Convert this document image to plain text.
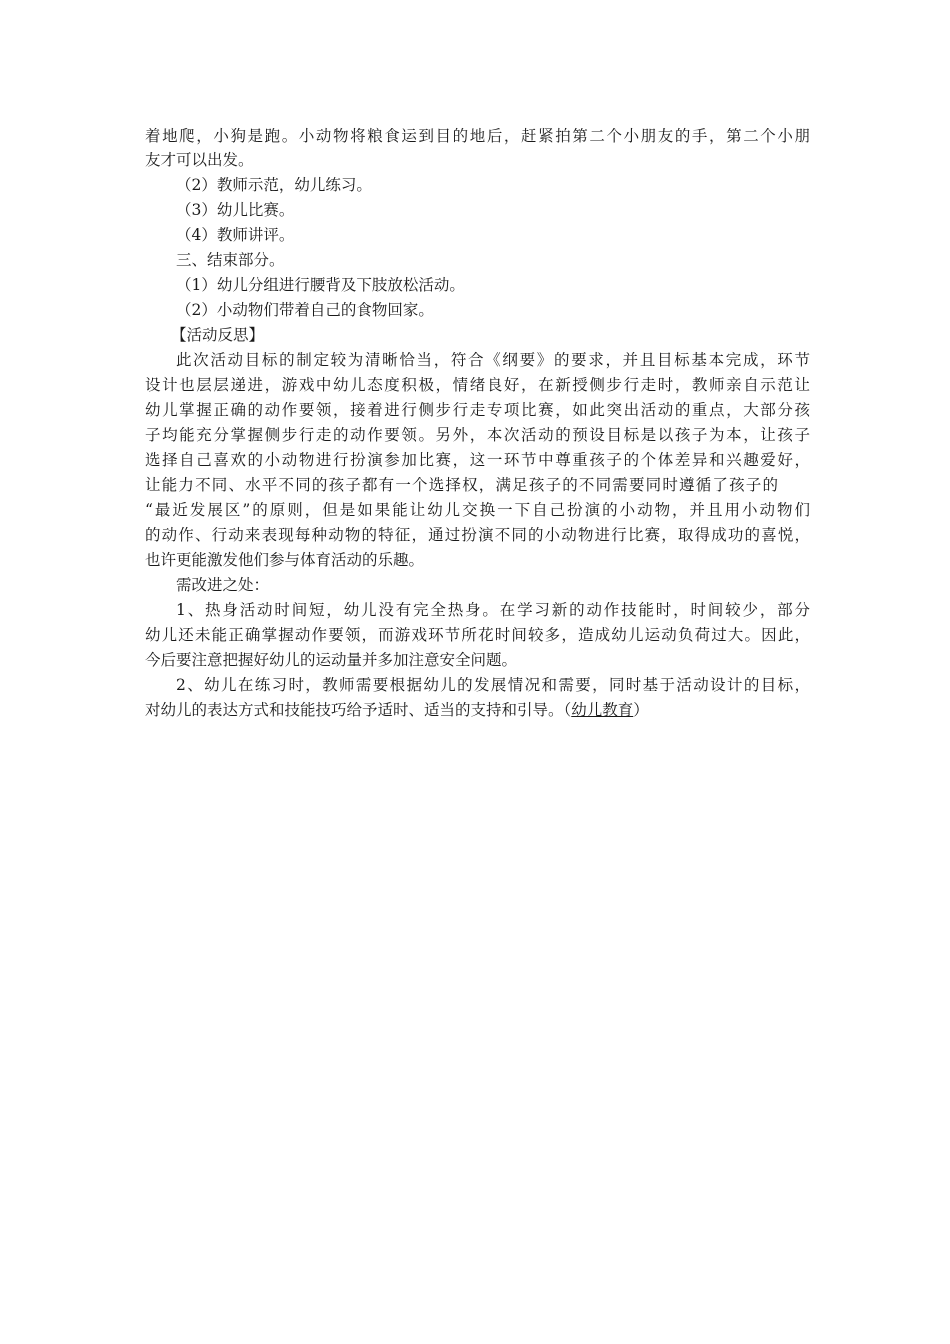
着地爬，小狗是跑。小动物将粮食运到目的地后，赶紧拍第二个小朋友的手，第二个小朋
友才可以出发。
（2）教师示范，幼儿练习。
（3）幼儿比赛。
（4）教师讲评。
三、结束部分。
（1）幼儿分组进行腰背及下肢放松活动。
（2）小动物们带着自己的食物回家。
【活动反思】
此次活动目标的制定较为清晰恰当，符合《纲要》的要求，并且目标基本完成，环节
设计也层层递进，游戏中幼儿态度积极，情绪良好，在新授侧步行走时，教师亲自示范让
幼儿掌握正确的动作要领，接着进行侧步行走专项比赛，如此突出活动的重点，大部分孩
子均能充分掌握侧步行走的动作要领。另外，本次活动的预设目标是以孩子为本，让孩子
选择自己喜欢的小动物进行扮演参加比赛，这一环节中尊重孩子的个体差异和兴趣爱好，
让能力不同、水平不同的孩子都有一个选择权，满足孩子的不同需要同时遵循了孩子的
“最近发展区”的原则，但是如果能让幼儿交换一下自己扮演的小动物，并且用小动物们
的动作、行动来表现每种动物的特征，通过扮演不同的小动物进行比赛，取得成功的喜悦，
也许更能激发他们参与体育活动的乐趣。
需改进之处：
1、热身活动时间短，幼儿没有完全热身。在学习新的动作技能时，时间较少，部分
幼儿还未能正确掌握动作要领，而游戏环节所花时间较多，造成幼儿运动负荷过大。因此，
今后要注意把握好幼儿的运动量并多加注意安全问题。
2、幼儿在练习时，教师需要根据幼儿的发展情况和需要，同时基于活动设计的目标，
对幼儿的表达方式和技能技巧给予适时、适当的支持和引导。（幼儿教育）
